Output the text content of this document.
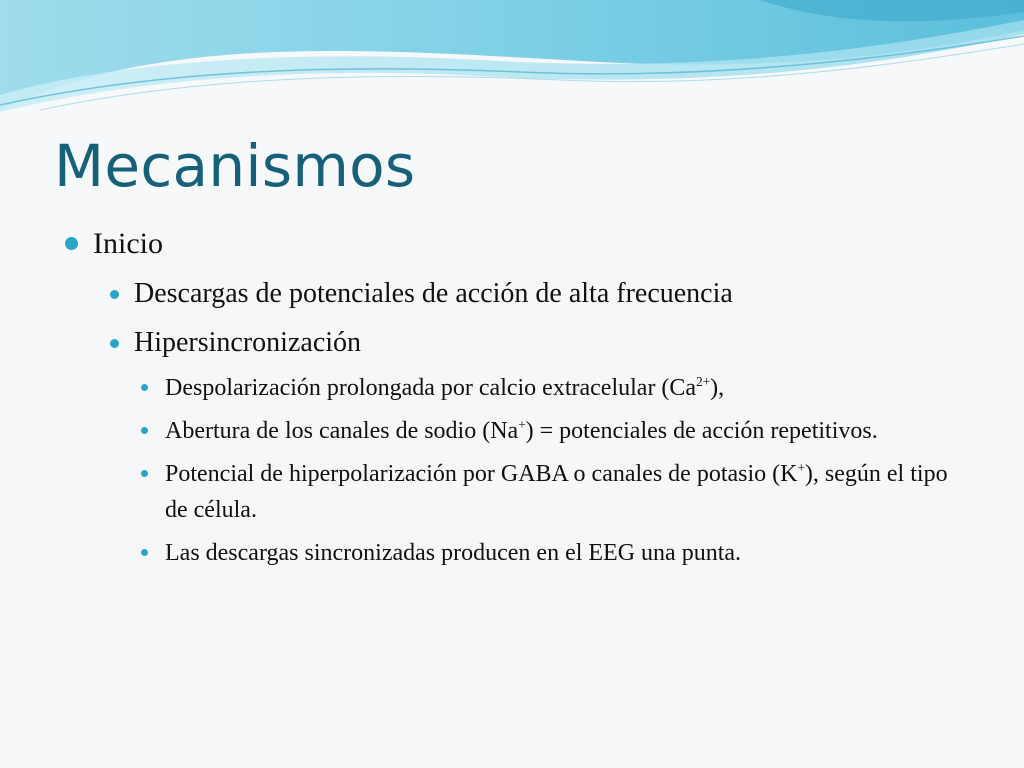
Mecanismos
Inicio
Descargas de potenciales de acción de alta frecuencia
Hipersincronización
Despolarización prolongada por calcio extracelular $(Ca^{2+})$,
Abertura de los canales de sodio (Na+) = potenciales de acción repetitivos.
Potencial de hiperpolarización por GABA o canales de potasio (K+), según el tipo de célula.
Las descargas sincronizadas producen en el EEG una punta.
